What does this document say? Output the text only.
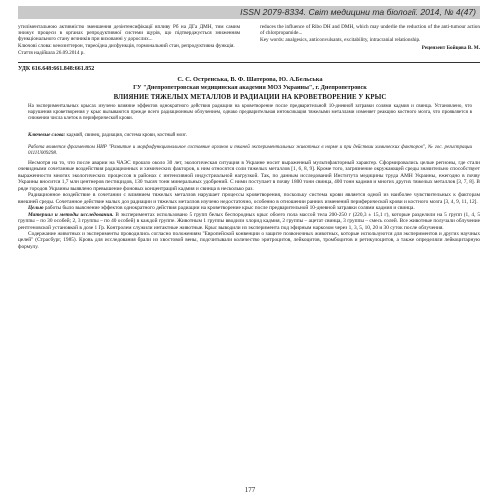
ISSN 2079-8334. Світ медицини та біології. 2014, № 4(47)

утиліментальною активністю зменшення дезінтенсифікації впливу Рб на ДГа ДМН, тим самим знижує процеси в органах репродуктивної системи щурів, що підтверджується зниженням функціонального стану яєчників при вихованні у дорослих...

Ключові слова: кенозиттерон, тиреоїдна дисфункція, гормональний стан, репродуктивна функція.

Стаття надійшла 26.09.2014 р.

reduces the influence of Ribo DH and DMH, which may underlie the reduction of the anti-tumour action of chlorpropamide...

Key words: analgesics, anticonvulsants, excitability, intracranial relationship.

Рецензент Бойцова В. М.
УДК 616.648:661.848:661.852
С. С. Остренська, В. Ф. Шатерова, Ю. А.Бельська
ГУ "Днепропетровская медицинская академия МОЗ Украины", г. Днепропетровск
ВЛИЯНИЕ ТЯЖЕЛЫХ МЕТАЛЛОВ И РАДИАЦИИ НА КРОВЕТВОРЕНИЕ У КРЫС

На экспериментальных крысах изучено влияние эффектов однократного действия радиации на кроветворение после предварительной 10-дневной затравки солями кадмия и свинца. Установлено, что нарушения кроветворения у крыс вызываются прежде всего радиационным облучением, однако предварительная интоксикация тяжелыми металлами изменяет реакцию костного мозга, что проявляется в снижении числа клеток в периферической крови.

Ключевые слова: кадмий, свинец, радиация, система крови, костный мозг.
Работа является фрагментом НИР "Развитие и морфофункциональное состояние органов и тканей экспериментальных животных в норме и при действии химических факторов", № гос. регистрации 0111U009298.

Несмотря на то, что после аварии на ЧАЭС прошло около 30 лет, экологическая ситуация в Украине носит выраженный мультифакторный характер. Сформировались целые регионы, где стали очевидными сочетанные воздействия радиационных и химических факторов, к ним относятся соли тяжелых металлов [1, 6, 8, 9]. Кроме того, загрязнение окружающей среды значительно способствует выраженности многих экологических процессов в районах с интенсивной индустриальной нагрузкой. Так, по данным исследований Института медицины труда АМН Украины, ежегодно в почву Украины вносится 1,7 млн центнеров пестицидов, 130 тысяч тонн минеральных удобрений. С ними поступает в почву 1800 тонн свинца, 400 тонн кадмия и многих других тяжелых металлов [3, 7, 8]. В ряде городов Украины выявлено превышение фоновых концентраций кадмия и свинца в несколько раз.

Радиационное воздействие в сочетании с влиянием тяжелых металлов нарушает процессы кроветворения, поскольку система крови является одной из наиболее чувствительных к факторам внешней среды. Сочетанное действие малых доз радиации и тяжелых металлов изучено недостаточно, особенно в отношении ранних изменений периферической крови и костного мозга [3, 4, 9, 11, 12].

Целью работы было выяснение эффектов однократного действия радиации на кроветворение крыс после предварительной 10-дневной затравки солями кадмия и свинца.

Материал и методы исследования. В экспериментах использовано 5 групп белых беспородных крыс обоего пола массой тела 200-250 г (220,3 ± 15,1 г), которые разделили на 5 групп (1, 4, 5 группы – по 30 особей; 2, 3 группы – по 40 особей) в каждой группе. Животным 1 группы вводили хлорид кадмия, 2 группы – ацетат свинца, 3 группы – смесь солей. Все животные получали облучение рентгеновской установкой в дозе 1 Гр. Контролем служили интактные животные. Крыс выводили из эксперимента под эфирным наркозом через 1, 3, 5, 10, 20 и 30 суток после облучения.

Содержание животных и эксперименты проводились согласно положениям "Европейской конвенции о защите позвоночных животных, которые используются для экспериментов и других научных целей" (Страсбург, 1985). Кровь для исследования брали из хвостовой вены, подсчитывали количество эритроцитов, лейкоцитов, тромбоцитов и ретикулоцитов, а также определяли лейкоцитарную формулу.

177
